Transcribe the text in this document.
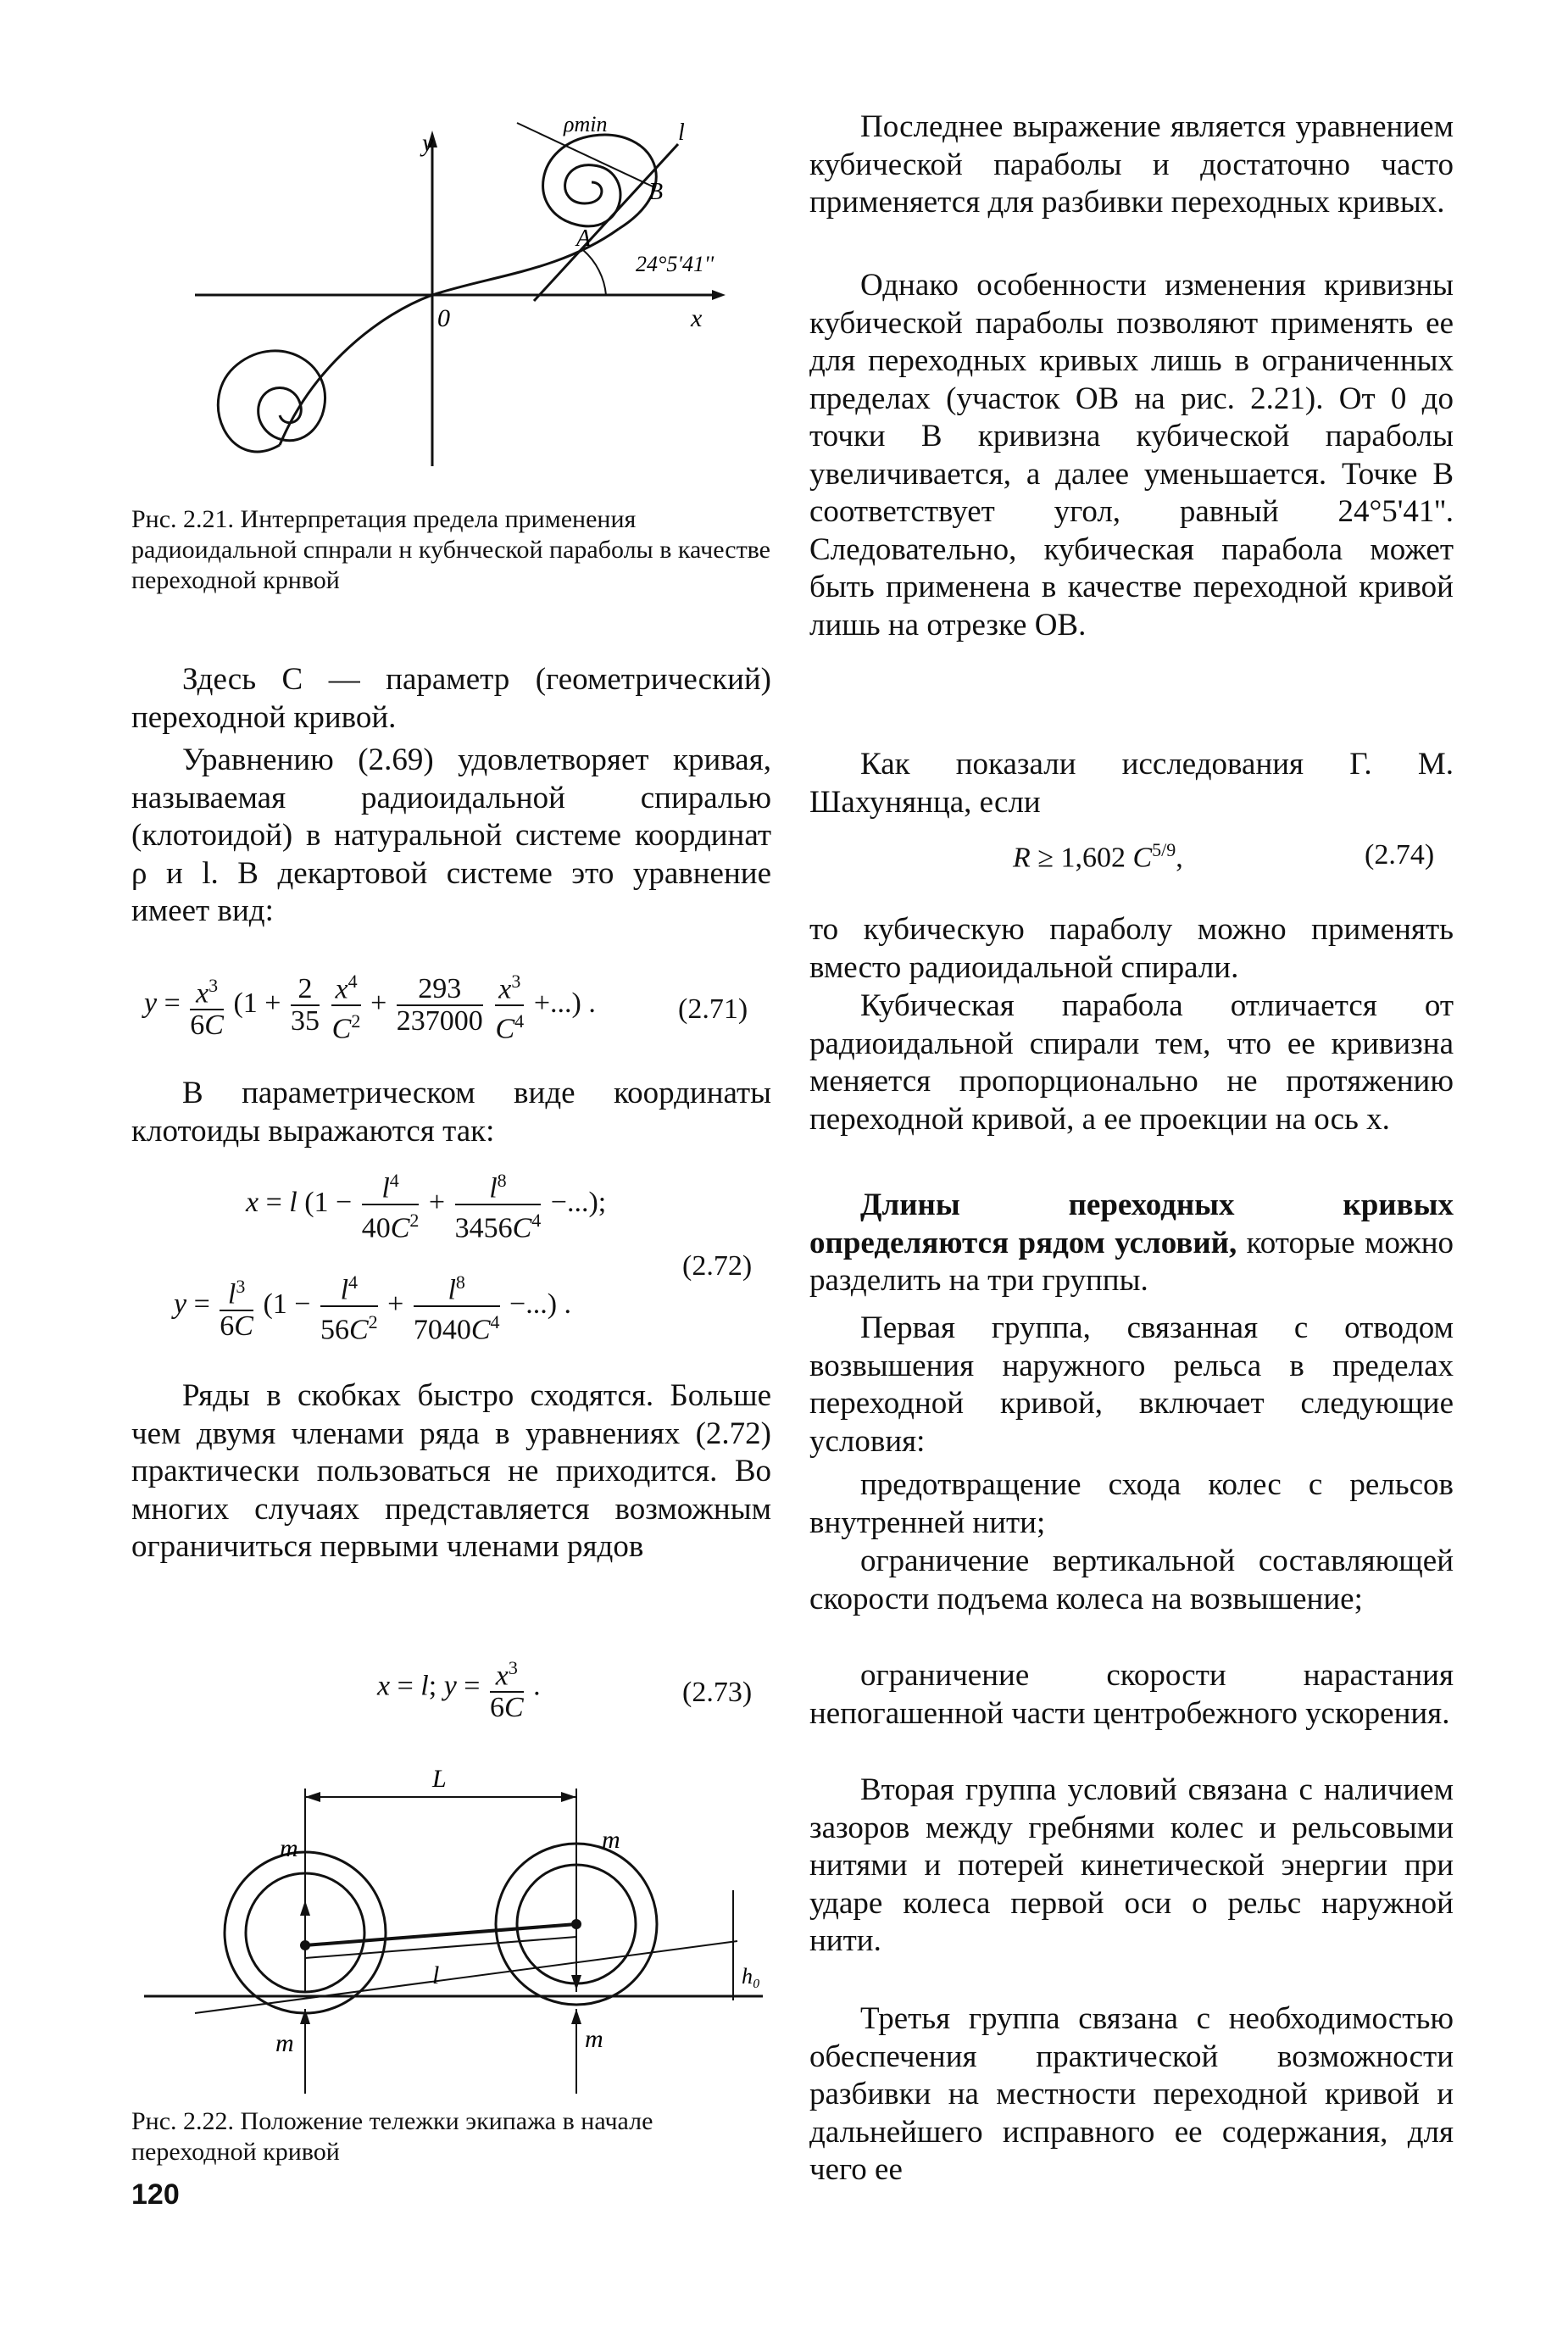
y
ρmin	l
B
A
24°5'41''
0	x
Рнс. 2.21. Интерпретация предела применения радиоидальной спнрали н кубнческой параболы в качестве переходной крнвой

Здесь C — параметр (геометрический) переходной кривой.

Уравнению (2.69) удовлетворяет кривая, называемая радиоидальной спиралью (клотоидой) в натуральной системе координат ρ и l. В декартовой системе это уравнение имеет вид:

$y = \frac{x^3}{6C} (1 + \frac{2}{35}$
$\frac{x^4}{C^2} + \frac{293}{237000}$
$\frac{x^3}{C^4}$ +...) .	(2.71)

В параметрическом виде координаты клотоиды выражаются так:

x = l ($1 - \frac{l^4}{40C^2} + \frac{l^8}{3456C^4}$ −...);
$y = \frac{l^3}{6C} (1 - \frac{l^4}{56C^2} + \frac{l^8}{7040C^4}$ −...) .
(2.72)

Ряды в скобках быстро сходятся. Больше чем двумя членами ряда в уравнениях (2.72) практически пользоваться не приходится. Во многих случаях представляется возможным ограничиться первыми членами рядов

x = l; $y = \frac{x^3}{6C}$ .	(2.73)
L
h₀
m	m
m	m
l
Рнс. 2.22. Положение тележки экипажа в начале переходной кривой
120

Последнее выражение является уравнением кубической параболы и достаточно часто применяется для разбивки переходных кривых.

Однако особенности изменения кривизны кубической параболы позволяют применять ее для переходных кривых лишь в ограниченных пределах (участок OB на рис. 2.21). От 0 до точки B кривизна кубической параболы увеличивается, а далее уменьшается. Точке B соответствует угол, равный 24°5'41''. Следовательно, кубическая парабола может быть применена в качестве переходной кривой лишь на отрезке OB.

Как показали исследования Г. М. Шахунянца, если

R ≥ 1,602 $C^{5/9}$,	(2.74)

то кубическую параболу можно применять вместо радиоидальной спирали.

Кубическая парабола отличается от радиоидальной спирали тем, что ее кривизна меняется пропорционально не протяжению переходной кривой, а ее проекции на ось x.

Длины переходных кривых определяются рядом условий, которые можно разделить на три группы.

Первая группа, связанная с отводом возвышения наружного рельса в пределах переходной кривой, включает следующие условия:

предотвращение схода колес с рельсов внутренней нити;

ограничение вертикальной составляющей скорости подъема колеса на возвышение;

ограничение скорости нарастания непогашенной части центробежного ускорения.

Вторая группа условий связана с наличием зазоров между гребнями колес и рельсовыми нитями и потерей кинетической энергии при ударе колеса первой оси о рельс наружной нити.

Третья группа связана с необходимостью обеспечения практической возможности разбивки на местности переходной кривой и дальнейшего исправного ее содержания, для чего ее
